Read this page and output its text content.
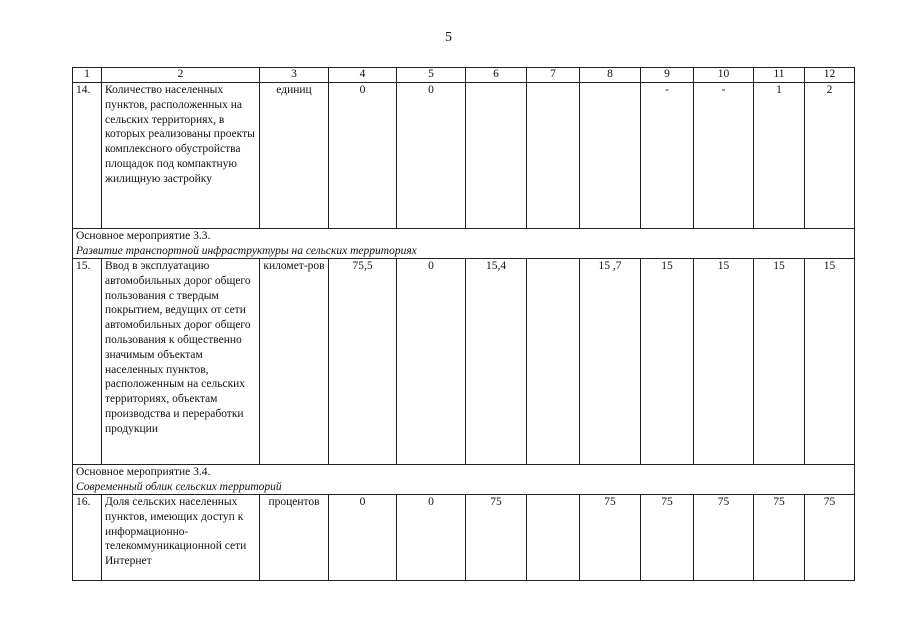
5
1	2	3	4	5	6	7	8	9	10	11	12
14.	Количество населенных пунктов, расположенных на сельских территориях, в которых реализованы проекты комплексного обустройства площадок под компактную жилищную застройку	единиц	0	0				-	-	1	2

Основное мероприятие 3.3.
Развитие транспортной инфраструктуры на сельских территориях											

15.	Ввод в эксплуатацию автомобильных дорог общего пользования с твердым покрытием, ведущих от сети автомобильных дорог общего пользования к общественно значимым объектам населенных пунктов, расположенным на сельских территориях, объектам производства и переработки продукции	километ-ров	75,5	0	15,4		15 ,7	15	15	15	15

Основное мероприятие 3.4.
Современный облик сельских территорий											

16.	Доля сельских населенных пунктов, имеющих доступ к информационно-телекоммуникационной сети Интернет	процентов	0	0	75		75	75	75	75	75
